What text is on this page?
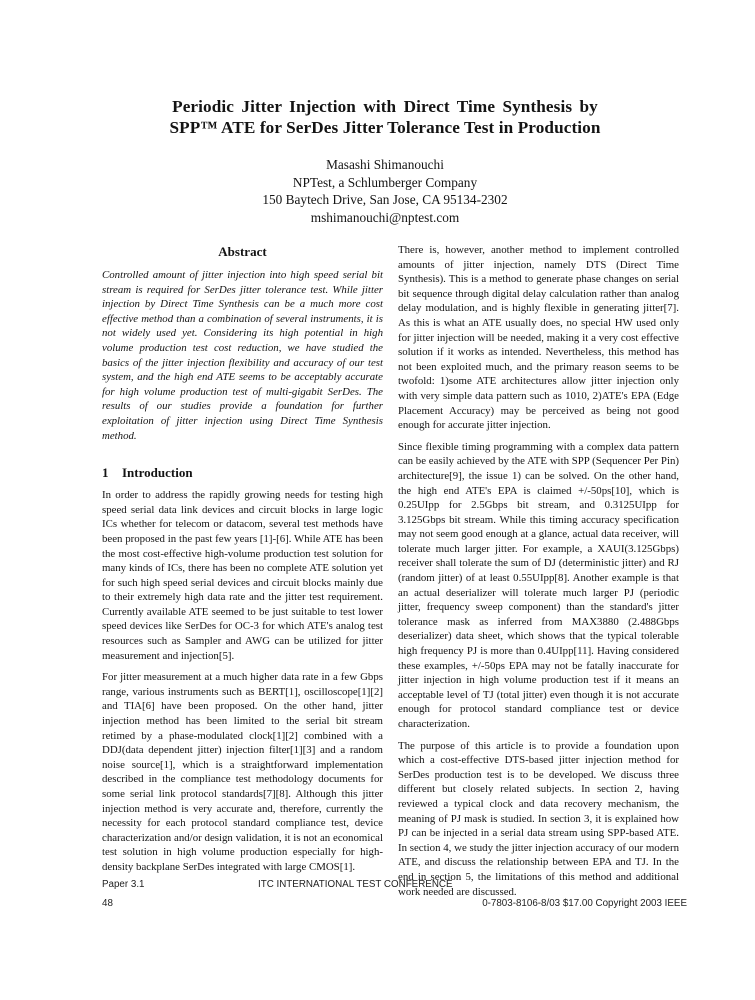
Periodic Jitter Injection with Direct Time Synthesis by
SPP™ ATE for SerDes Jitter Tolerance Test in Production
Masashi Shimanouchi
NPTest, a Schlumberger Company
150 Baytech Drive, San Jose, CA 95134-2302
mshimanouchi@nptest.com
Abstract

Controlled amount of jitter injection into high speed serial bit stream is required for SerDes jitter tolerance test. While jitter injection by Direct Time Synthesis can be a much more cost effective method than a combination of several instruments, it is not widely used yet. Considering its high potential in high volume production test cost reduction, we have studied the basics of the jitter injection flexibility and accuracy of our test system, and the high end ATE seems to be acceptably accurate for high volume production test of multi-gigabit SerDes. The results of our studies provide a foundation for further exploitation of jitter injection using Direct Time Synthesis method.

1 Introduction

In order to address the rapidly growing needs for testing high speed serial data link devices and circuit blocks in large logic ICs whether for telecom or datacom, several test methods have been proposed in the past few years [1]-[6]. While ATE has been the most cost-effective high-volume production test solution for many kinds of ICs, there has been no complete ATE solution yet for such high speed serial devices and circuit blocks mainly due to their extremely high data rate and the jitter test requirement. Currently available ATE seemed to be just suitable to test lower speed devices like SerDes for OC-3 for which ATE's analog test resources such as Sampler and AWG can be utilized for jitter measurement and injection[5].

For jitter measurement at a much higher data rate in a few Gbps range, various instruments such as BERT[1], oscilloscope[1][2] and TIA[6] have been proposed. On the other hand, jitter injection method has been limited to the serial bit stream retimed by a phase-modulated clock[1][2] combined with a DDJ(data dependent jitter) injection filter[1][3] and a random noise source[1], which is a straightforward implementation described in the compliance test methodology documents for some serial link protocol standards[7][8]. Although this jitter injection method is very accurate and, therefore, currently the necessity for each protocol standard compliance test, device characterization and/or design validation, it is not an economical test solution in high volume production especially for high-density backplane SerDes integrated with large CMOS[1].

There is, however, another method to implement controlled amounts of jitter injection, namely DTS (Direct Time Synthesis). This is a method to generate phase changes on serial bit sequence through digital delay calculation rather than analog delay modulation, and is highly flexible in generating jitter[7]. As this is what an ATE usually does, no special HW used only for jitter injection will be needed, making it a very cost effective solution if it works as intended. Nevertheless, this method has not been exploited much, and the primary reason seems to be twofold: 1)some ATE architectures allow jitter injection only with very simple data pattern such as 1010, 2)ATE's EPA (Edge Placement Accuracy) may be perceived as being not good enough for accurate jitter injection.

Since flexible timing programming with a complex data pattern can be easily achieved by the ATE with SPP (Sequencer Per Pin) architecture[9], the issue 1) can be solved. On the other hand, the high end ATE's EPA is claimed +/-50ps[10], which is 0.25UIpp for 2.5Gbps bit stream, and 0.3125UIpp for 3.125Gbps bit stream. While this timing accuracy specification may not seem good enough at a glance, actual data receiver, will tolerate much larger jitter. For example, a XAUI(3.125Gbps) receiver shall tolerate the sum of DJ (deterministic jitter) and RJ (random jitter) of at least 0.55UIpp[8]. Another example is that an actual deserializer will tolerate much larger PJ (periodic jitter, frequency sweep component) than the standard's jitter tolerance mask as inferred from MAX3880 (2.488Gbps deserializer) data sheet, which shows that the typical tolerable high frequency PJ is more than 0.4UIpp[11]. Having considered these examples, +/-50ps EPA may not be fatally inaccurate for jitter injection in high volume production test if it means an acceptable level of TJ (total jitter) even though it is not accurate enough for protocol standard compliance test or device characterization.

The purpose of this article is to provide a foundation upon which a cost-effective DTS-based jitter injection method for SerDes production test is to be developed. We discuss three different but closely related subjects. In section 2, having reviewed a typical clock and data recovery mechanism, the meaning of PJ mask is studied. In section 3, it is explained how PJ can be injected in a serial data stream using SPP-based ATE. In section 4, we study the jitter injection accuracy of our modern ATE, and discuss the relationship between EPA and TJ. In the end in section 5, the limitations of this method and additional work needed are discussed.

Paper 3.1	ITC INTERNATIONAL TEST CONFERENCE
48	0-7803-8106-8/03 $17.00 Copyright 2003 IEEE
